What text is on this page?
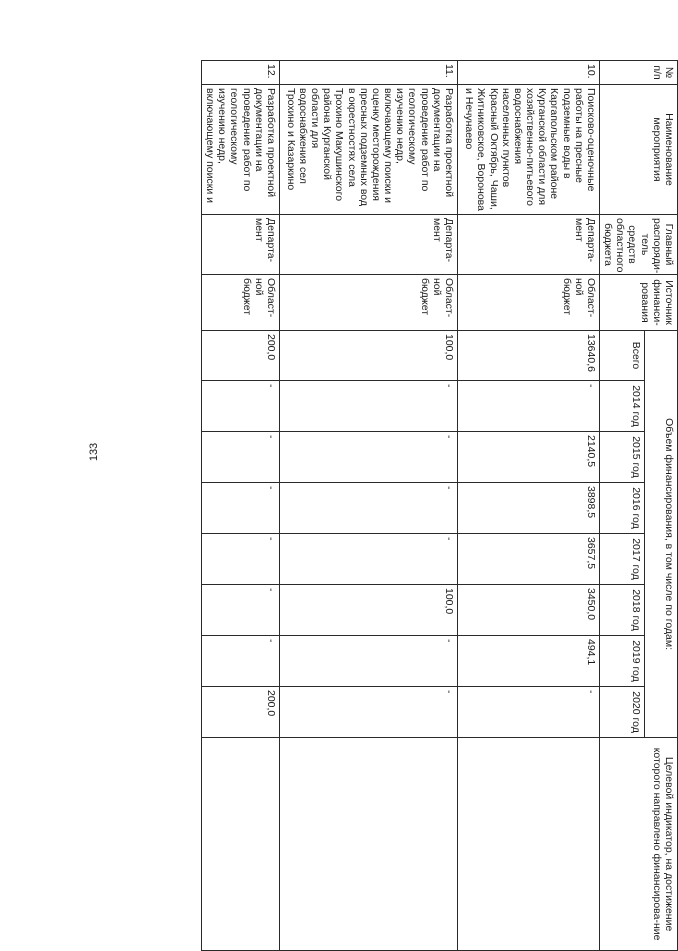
133
№ п/п	Наименование мероприятия	Главный распоряди-тель средств областного бюджета	Источник финанси-рования	Объем финансирования, в том числе по годам:								Целевой индикатор, на достижение которого направлено финансирова-ние
				Всего	2014 год	2015 год	2016 год	2017 год	2018 год	2019 год	2020 год	
10.	Поисково-оценочные работы на пресные подземные воды в Каргапольском районе Курганской области для хозяйственно-питьевого водоснабжения населенных пунктов Красный Октябрь, Чаши, Житниковское, Воронова и Нечунаево	Департа-мент	Област-ной бюджет	13640,6	-	2140,5	3898,5	3657,5	3450,0	494,1	-	
11.	Разработка проектной документации на проведение работ по геологическому изучению недр, включающему поиски и оценку месторождения пресных подземных вод в окрестностях села Трохино Макушинского района Курганской области для водоснабжения сел Трохино и Казаркино	Департа-мент	Област-ной бюджет	100,0	-	-	-	-	100,0	-	-	
12.	Разработка проектной документации на проведение работ по геологическому изучению недр, включающему поиски и	Департа-мент	Област-ной бюджет	200,0	-	-	-	-	-	-	200,0	
